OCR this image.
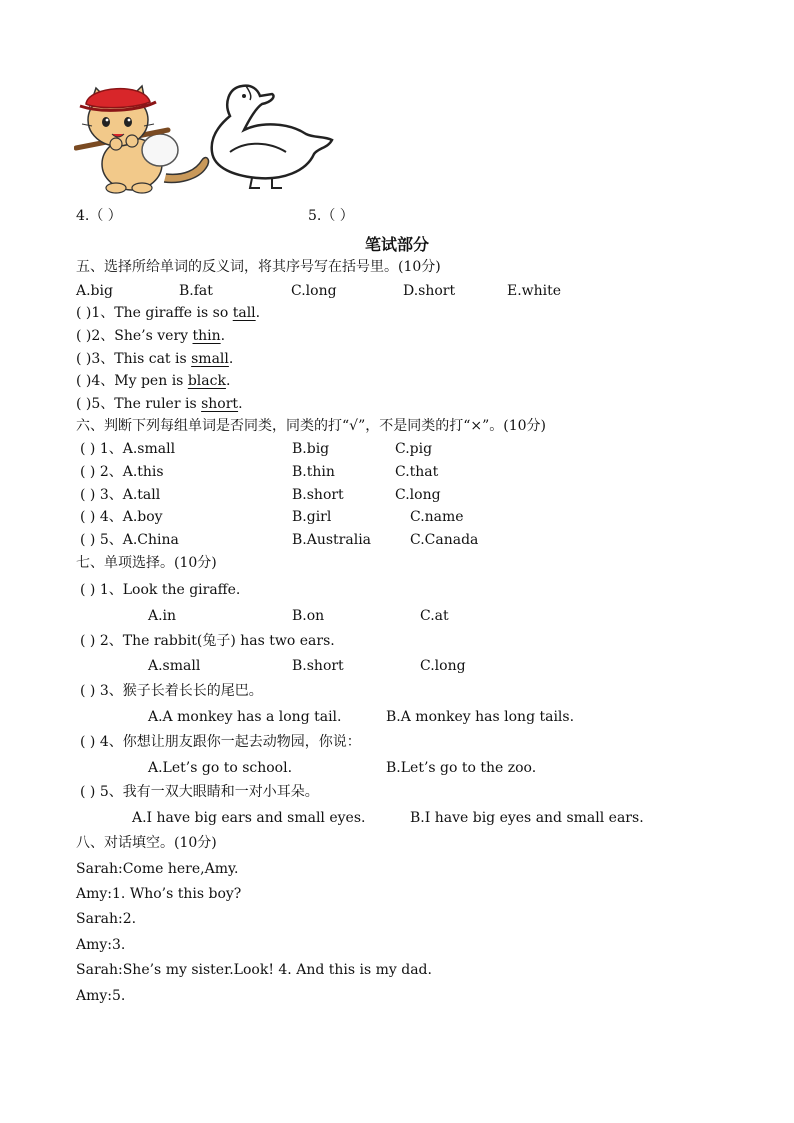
4.（ ）	5.（ ）
笔试部分
五、选择所给单词的反义词，将其序号写在括号里。(10分)
A.big	B.fat	C.long	D.short	E.white
( )1、The giraffe is so tall.
( )2、She’s very thin.
( )3、This cat is small.
( )4、My pen is black.
( )5、The ruler is short.
六、判断下列每组单词是否同类，同类的打“√”，不是同类的打“×”。(10分)
( ) 1、A.small	B.big	C.pig
( ) 2、A.this	B.thin	C.that
( ) 3、A.tall	B.short	C.long
( ) 4、A.boy	B.girl	C.name
( ) 5、A.China	B.Australia	C.Canada
七、单项选择。(10分)
( ) 1、Look the giraffe.
A.in	B.on	C.at
( ) 2、The rabbit(兔子) has two ears.
A.small	B.short	C.long
( ) 3、猴子长着长长的尾巴。
A.A monkey has a long tail.	B.A monkey has long tails.
( ) 4、你想让朋友跟你一起去动物园，你说：
A.Let’s go to school.	B.Let’s go to the zoo.
( ) 5、我有一双大眼睛和一对小耳朵。
A.I have big ears and small eyes.	B.I have big eyes and small ears.
八、对话填空。(10分)
Sarah:Come here,Amy.
Amy:1. Who’s this boy?
Sarah:2.
Amy:3.
Sarah:She’s my sister.Look! 4. And this is my dad.
Amy:5.
